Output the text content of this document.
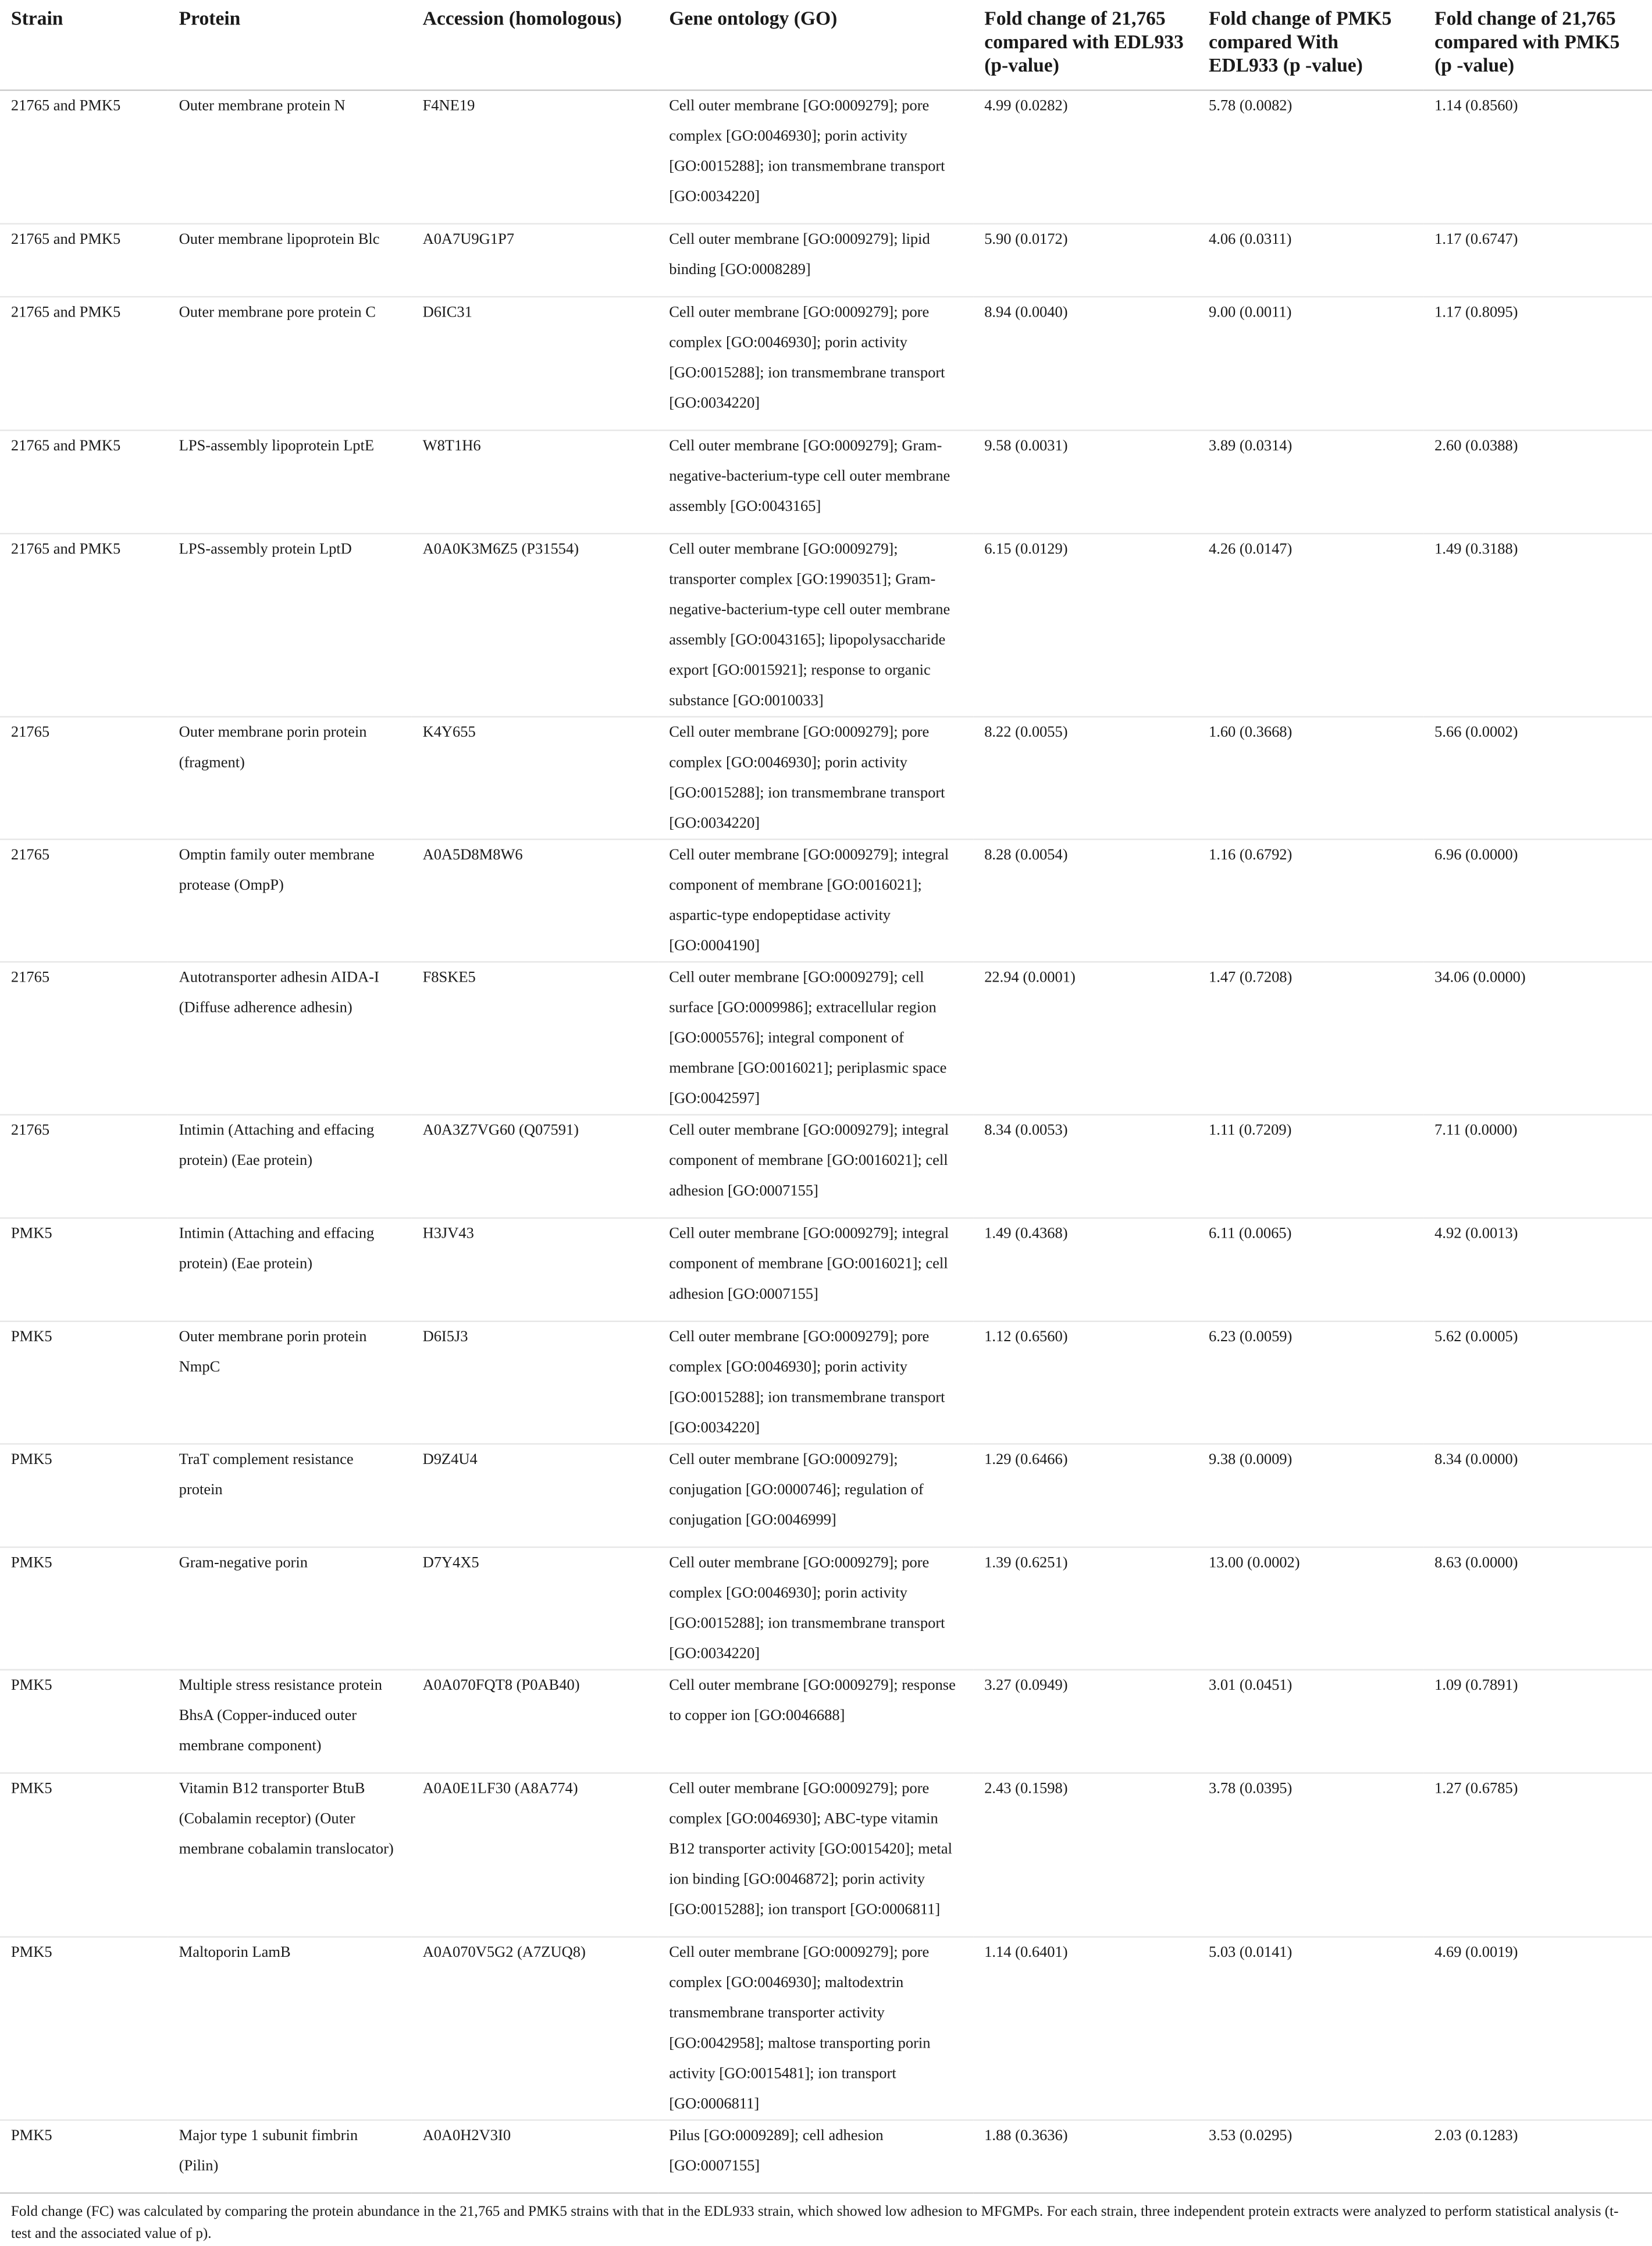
Strain	Protein	Accession (homologous)	Gene ontology (GO)	Fold change of 21,765 compared with EDL933 (p-value)	Fold change of PMK5 compared With EDL933 (p -value)	Fold change of 21,765 compared with PMK5 (p -value)
21765 and PMK5	Outer membrane protein N	F4NE19	Cell outer membrane [GO:0009279]; pore complex [GO:0046930]; porin activity [GO:0015288]; ion transmembrane transport [GO:0034220]	4.99 (0.0282)	5.78 (0.0082)	1.14 (0.8560)
21765 and PMK5	Outer membrane lipoprotein Blc	A0A7U9G1P7	Cell outer membrane [GO:0009279]; lipid binding [GO:0008289]	5.90 (0.0172)	4.06 (0.0311)	1.17 (0.6747)
21765 and PMK5	Outer membrane pore protein C	D6IC31	Cell outer membrane [GO:0009279]; pore complex [GO:0046930]; porin activity [GO:0015288]; ion transmembrane transport [GO:0034220]	8.94 (0.0040)	9.00 (0.0011)	1.17 (0.8095)
21765 and PMK5	LPS-assembly lipoprotein LptE	W8T1H6	Cell outer membrane [GO:0009279]; Gram-negative-bacterium-type cell outer membrane assembly [GO:0043165]	9.58 (0.0031)	3.89 (0.0314)	2.60 (0.0388)
21765 and PMK5	LPS-assembly protein LptD	A0A0K3M6Z5 (P31554)	Cell outer membrane [GO:0009279]; transporter complex [GO:1990351]; Gram-negative-bacterium-type cell outer membrane assembly [GO:0043165]; lipopolysaccharide export [GO:0015921]; response to organic substance [GO:0010033]	6.15 (0.0129)	4.26 (0.0147)	1.49 (0.3188)
21765	Outer membrane porin protein (fragment)	K4Y655	Cell outer membrane [GO:0009279]; pore complex [GO:0046930]; porin activity [GO:0015288]; ion transmembrane transport [GO:0034220]	8.22 (0.0055)	1.60 (0.3668)	5.66 (0.0002)
21765	Omptin family outer membrane protease (OmpP)	A0A5D8M8W6	Cell outer membrane [GO:0009279]; integral component of membrane [GO:0016021]; aspartic-type endopeptidase activity [GO:0004190]	8.28 (0.0054)	1.16 (0.6792)	6.96 (0.0000)
21765	Autotransporter adhesin AIDA-I (Diffuse adherence adhesin)	F8SKE5	Cell outer membrane [GO:0009279]; cell surface [GO:0009986]; extracellular region [GO:0005576]; integral component of membrane [GO:0016021]; periplasmic space [GO:0042597]	22.94 (0.0001)	1.47 (0.7208)	34.06 (0.0000)
21765	Intimin (Attaching and effacing protein) (Eae protein)	A0A3Z7VG60 (Q07591)	Cell outer membrane [GO:0009279]; integral component of membrane [GO:0016021]; cell adhesion [GO:0007155]	8.34 (0.0053)	1.11 (0.7209)	7.11 (0.0000)
PMK5	Intimin (Attaching and effacing protein) (Eae protein)	H3JV43	Cell outer membrane [GO:0009279]; integral component of membrane [GO:0016021]; cell adhesion [GO:0007155]	1.49 (0.4368)	6.11 (0.0065)	4.92 (0.0013)
PMK5	Outer membrane porin protein NmpC	D6I5J3	Cell outer membrane [GO:0009279]; pore complex [GO:0046930]; porin activity [GO:0015288]; ion transmembrane transport [GO:0034220]	1.12 (0.6560)	6.23 (0.0059)	5.62 (0.0005)
PMK5	TraT complement resistance protein	D9Z4U4	Cell outer membrane [GO:0009279]; conjugation [GO:0000746]; regulation of conjugation [GO:0046999]	1.29 (0.6466)	9.38 (0.0009)	8.34 (0.0000)
PMK5	Gram-negative porin	D7Y4X5	Cell outer membrane [GO:0009279]; pore complex [GO:0046930]; porin activity [GO:0015288]; ion transmembrane transport [GO:0034220]	1.39 (0.6251)	13.00 (0.0002)	8.63 (0.0000)
PMK5	Multiple stress resistance protein BhsA (Copper-induced outer membrane component)	A0A070FQT8 (P0AB40)	Cell outer membrane [GO:0009279]; response to copper ion [GO:0046688]	3.27 (0.0949)	3.01 (0.0451)	1.09 (0.7891)
PMK5	Vitamin B12 transporter BtuB (Cobalamin receptor) (Outer membrane cobalamin translocator)	A0A0E1LF30 (A8A774)	Cell outer membrane [GO:0009279]; pore complex [GO:0046930]; ABC-type vitamin B12 transporter activity [GO:0015420]; metal ion binding [GO:0046872]; porin activity [GO:0015288]; ion transport [GO:0006811]	2.43 (0.1598)	3.78 (0.0395)	1.27 (0.6785)
PMK5	Maltoporin LamB	A0A070V5G2 (A7ZUQ8)	Cell outer membrane [GO:0009279]; pore complex [GO:0046930]; maltodextrin transmembrane transporter activity [GO:0042958]; maltose transporting porin activity [GO:0015481]; ion transport [GO:0006811]	1.14 (0.6401)	5.03 (0.0141)	4.69 (0.0019)
PMK5	Major type 1 subunit fimbrin (Pilin)	A0A0H2V3I0	Pilus [GO:0009289]; cell adhesion [GO:0007155]	1.88 (0.3636)	3.53 (0.0295)	2.03 (0.1283)
Fold change (FC) was calculated by comparing the protein abundance in the 21,765 and PMK5 strains with that in the EDL933 strain, which showed low adhesion to MFGMPs. For each strain, three independent protein extracts were analyzed to perform statistical analysis (t-test and the associated value of p).
